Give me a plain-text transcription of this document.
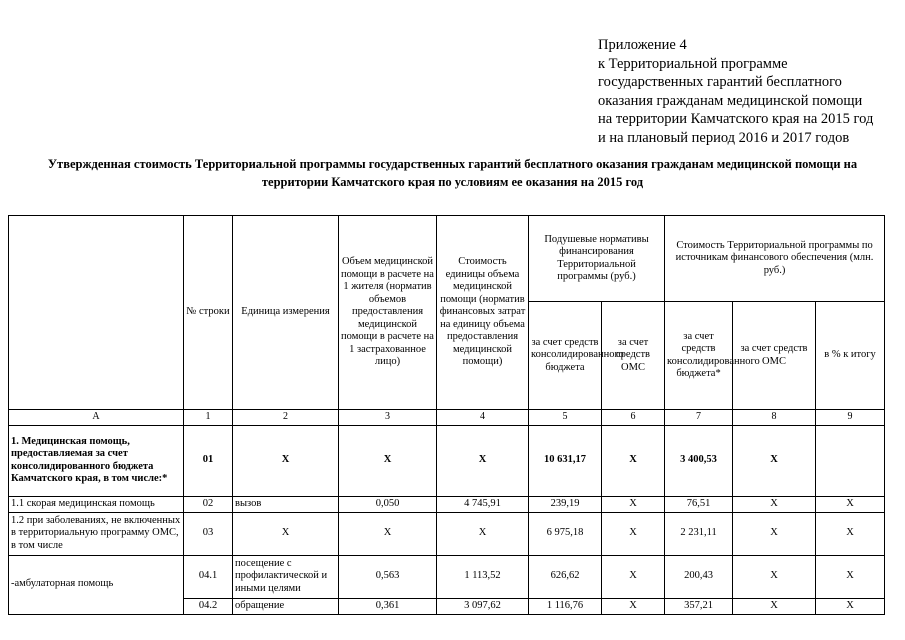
Приложение 4
к Территориальной программе
государственных гарантий бесплатного
оказания гражданам медицинской помощи
на территории Камчатского края на 2015 год
и на плановый период 2016 и 2017 годов
Утвержденная стоимость Территориальной программы государственных гарантий бесплатного оказания гражданам медицинской помощи на
территории Камчатского края по условиям ее оказания на 2015 год
	№ строки	Единица измерения	Объем медицинской помощи в расчете на 1 жителя (норматив объемов предоставления медицинской помощи в расчете на 1 застрахованное лицо)	Стоимость единицы объема медицинской помощи (норматив финансовых затрат на единицу объема предоставления медицинской помощи)	Подушевые нормативы финансирования Территориальной программы (руб.)		Стоимость Территориальной программы по источникам финансового обеспечения (млн. руб.)		
					за счет средств консолидированного бюджета	за счет средств ОМС	за счет средств консолидированного бюджета*	за счет средств ОМС	в % к итогу
А	1	2	3	4	5	6	7	8	9
1. Медицинская помощь, предоставляемая за счет консолидированного бюджета Камчатского края, в том числе:*	01	Х	Х	Х	10 631,17	Х	3 400,53	Х	
1.1 скорая медицинская помощь	02	вызов	0,050	4 745,91	239,19	Х	76,51	Х	Х
1.2 при заболеваниях, не включенных в территориальную программу ОМС, в том числе	03	Х	Х	Х	6 975,18	Х	2 231,11	Х	Х
-амбулаторная помощь	04.1	посещение с профилактической и иными целями	0,563	1 113,52	626,62	Х	200,43	Х	Х
	04.2	обращение	0,361	3 097,62	1 116,76	Х	357,21	Х	Х
